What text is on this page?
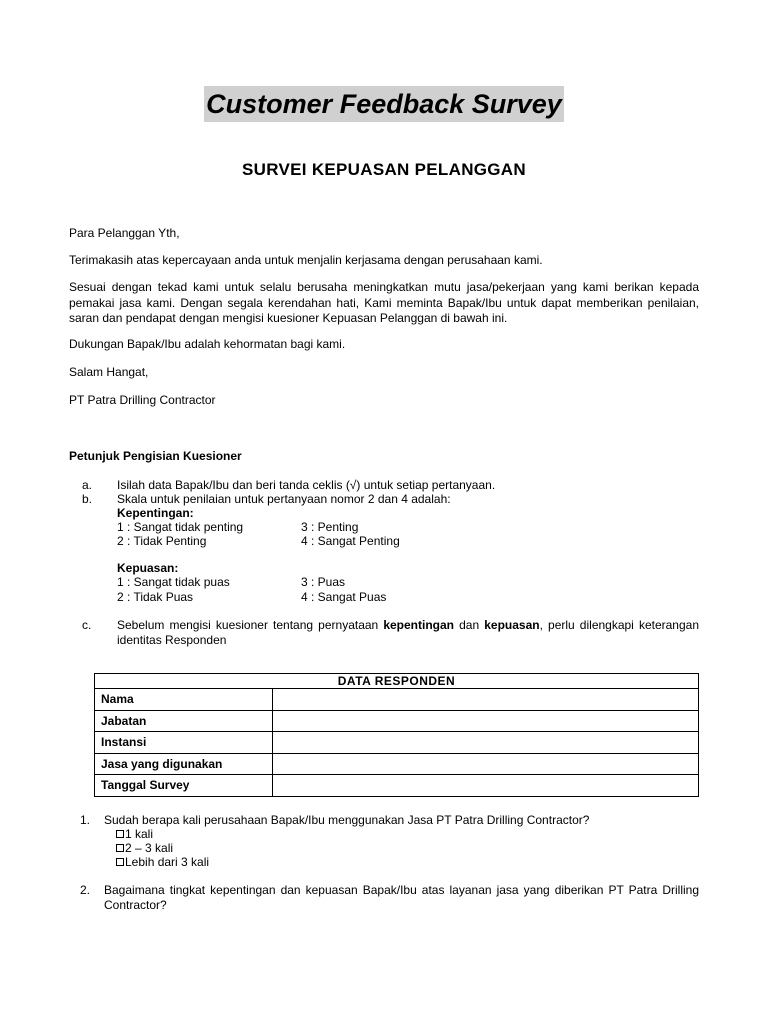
Customer Feedback Survey
SURVEI KEPUASAN PELANGGAN
Para Pelanggan Yth,
Terimakasih atas kepercayaan anda untuk menjalin kerjasama dengan perusahaan kami.
Sesuai dengan tekad kami untuk selalu berusaha meningkatkan mutu jasa/pekerjaan yang kami berikan kepada pemakai jasa kami. Dengan segala kerendahan hati, Kami meminta Bapak/Ibu untuk dapat memberikan penilaian, saran dan pendapat dengan mengisi kuesioner Kepuasan Pelanggan di bawah ini.
Dukungan Bapak/Ibu adalah kehormatan bagi kami.
Salam Hangat,
PT Patra Drilling Contractor
Petunjuk Pengisian Kuesioner
a. Isilah data Bapak/Ibu dan beri tanda ceklis (√) untuk setiap pertanyaan.
b. Skala untuk penilaian untuk pertanyaan nomor 2 dan 4 adalah:
Kepentingan:
1 : Sangat tidak penting	3 : Penting
2 : Tidak Penting	4 : Sangat Penting
Kepuasan:
1 : Sangat tidak puas	3 : Puas
2 : Tidak Puas	4 : Sangat Puas
c. Sebelum mengisi kuesioner tentang pernyataan kepentingan dan kepuasan, perlu dilengkapi keterangan identitas Responden
DATA RESPONDEN	
Nama	
Jabatan	
Instansi	
Jasa yang digunakan	
Tanggal Survey	
1. Sudah berapa kali perusahaan Bapak/Ibu menggunakan Jasa PT Patra Drilling Contractor?
1 kali
2 – 3 kali
Lebih dari 3 kali
2. Bagaimana tingkat kepentingan dan kepuasan Bapak/Ibu atas layanan jasa yang diberikan PT Patra Drilling Contractor?
